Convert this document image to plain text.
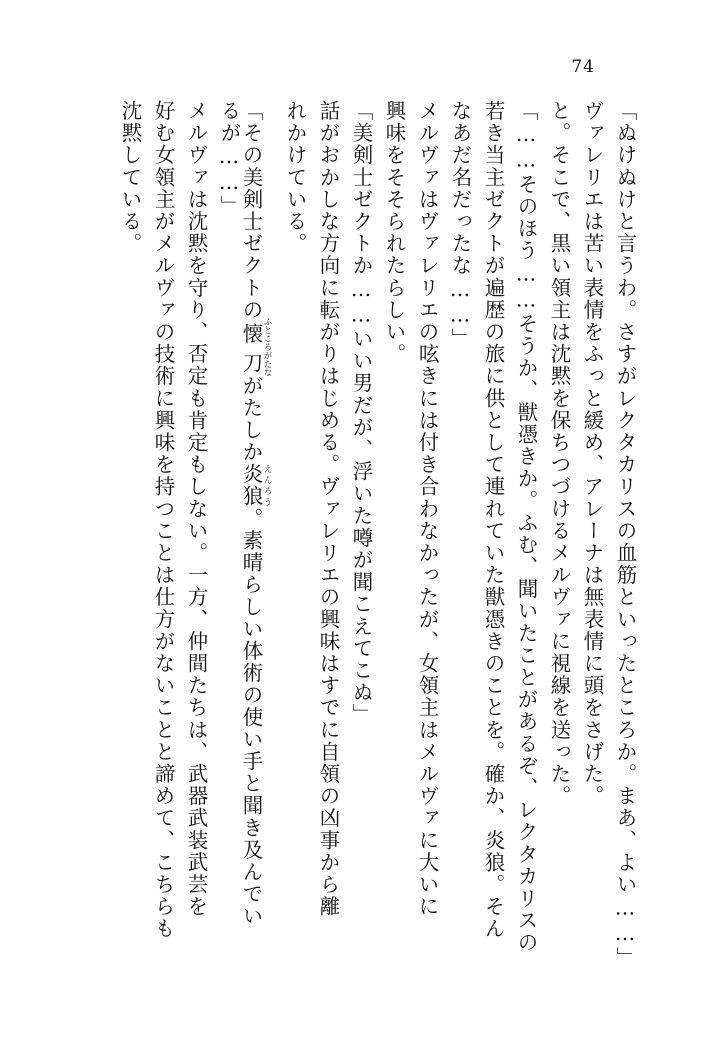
74
「ぬけぬけと言うわ。さすがレクタカリスの血筋といったところか。まあ、よい……」
ヴァレリエは苦い表情をふっと緩め、アレーナは無表情に頭をさげた。
と。そこで、黒い領主は沈黙を保ちつづけるメルヴァに視線を送った。
「……そのほう……そうか、獣憑きか。ふむ、聞いたことがあるぞ、レクタカリスの
若き当主ゼクトが遍歴の旅に供として連れていた獣憑きのことを。確か、炎狼。そん
なあだ名だったな……」
メルヴァはヴァレリエの呟きには付き合わなかったが、女領主はメルヴァに大いに
興味をそそられたらしい。
「美剣士ゼクトか……いい男だが、浮いた噂が聞こえてこぬ」
話がおかしな方向に転がりはじめる。ヴァレリエの興味はすでに自領の凶事から離
れかけている。
「その美剣士ゼクトの懐 ふところ刀 がたながたしか炎狼 えんろう。素晴らしい体術の使い手と聞き及んでい
るが……」
メルヴァは沈黙を守り、否定も肯定もしない。一方、仲間たちは、武器武装武芸を
好む女領主がメルヴァの技術に興味を持つことは仕方がないことと諦めて、こちらも
沈黙している。
